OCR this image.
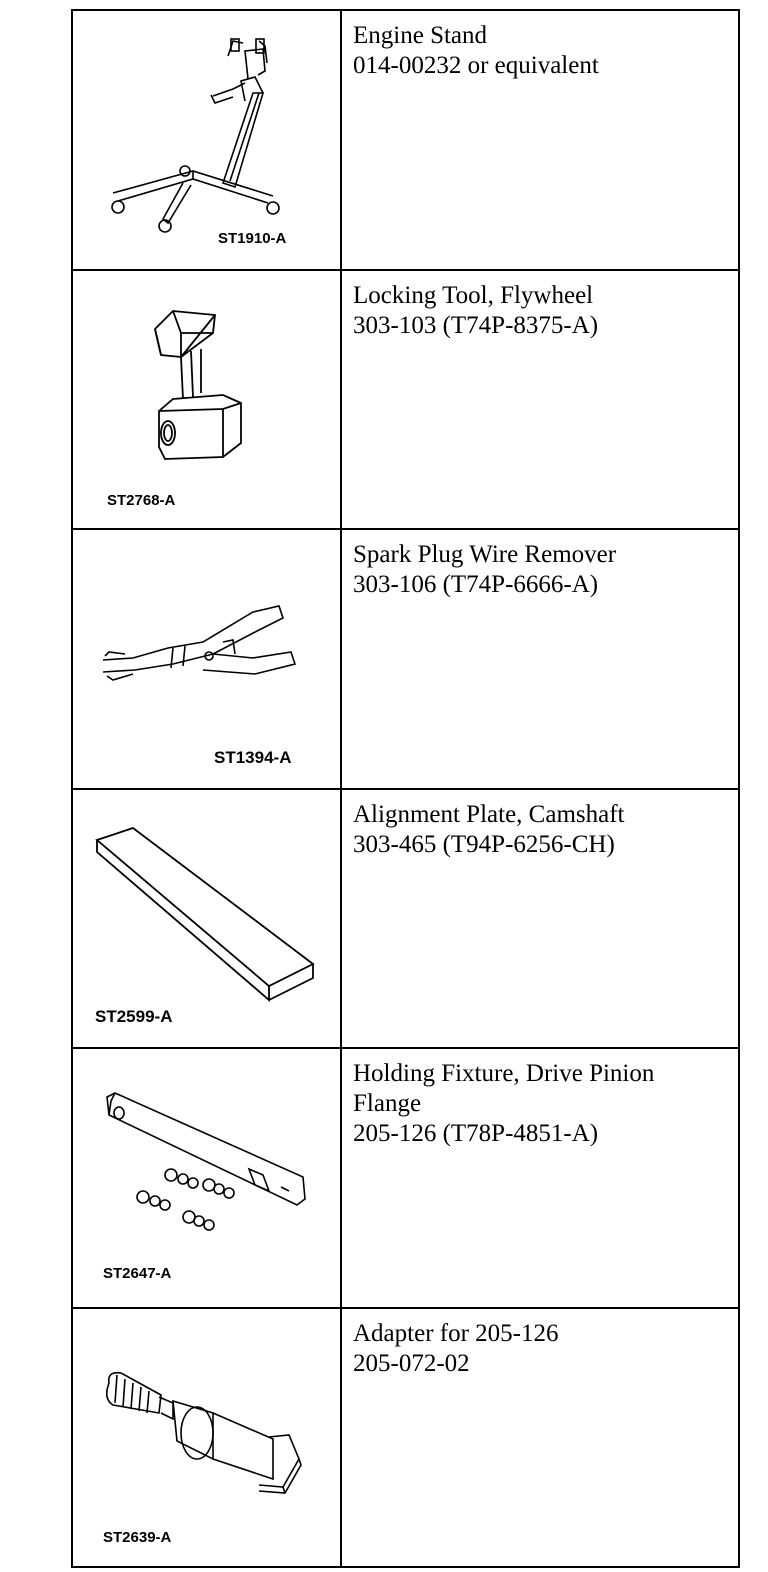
ST1910-A	Engine Stand
014-00232 or equivalent

ST2768-A	Locking Tool, Flywheel
303-103 (T74P-8375-A)

ST1394-A	Spark Plug Wire Remover
303-106 (T74P-6666-A)

ST2599-A	Alignment Plate, Camshaft
303-465 (T94P-6256-CH)

ST2647-A	Holding Fixture, Drive Pinion
Flange
205-126 (T78P-4851-A)

ST2639-A	Adapter for 205-126
205-072-02
